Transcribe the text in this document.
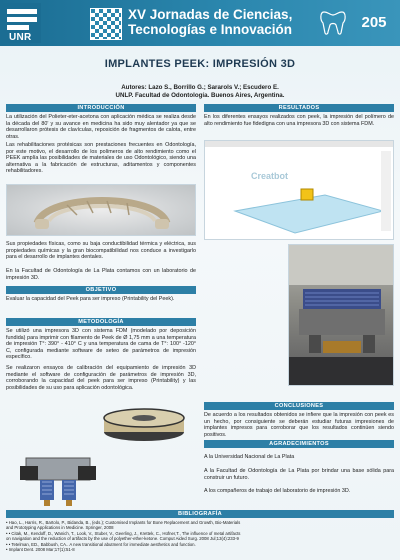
UNR
XV Jornadas de Ciencias,
Tecnologías e Innovación	205
IMPLANTES PEEK: IMPRESIÓN 3D
Autores: Lazo S., Borrillo G.; Sararols V.; Escudero E.
UNLP. Facultad de Odontología. Buenos Aires, Argentina.
INTRODUCCIÓN
La utilización del Polieter-eter-acetona con aplicación médica se realiza desde la década del 80' y su avance en medicina ha sido muy alentador ya que se desarrollaron prótesis de clavículas, reposición de fragmentos de calota, entre otras.
Las rehabilitaciones protésicas son prestaciones frecuentes en Odontología, por este motivo, el desarrollo de los polímeros de alto rendimiento como el PEEK amplía las posibilidades de materiales de uso Odontológico, siendo una alternativa a la fabricación de estructuras, aditamentos y componentes rehabilitadores.
Sus propiedades físicas, como su baja conductibilidad térmica y eléctrica, sus propiedades químicas y la gran biocompatibilidad nos conduce a investigarlo para el desarrollo de implantes dentales.
En la Facultad de Odontología de La Plata contamos con un laboratorio de impresión 3D.
OBJETIVO
Evaluar la capacidad del Peek para ser impreso (Printability del Peek).
METODOLOGÍA
Se utilizó una impresora 3D con sistema FDM (modelado por deposición fundida) para imprimir con filamento de Peek de Ø 1,75 mm a una temperatura de impresión T°: 390° - 410° C y una temperatura de cama de T°: 100° -120° C, configurada mediante software de seteo de parámetros de impresión específico.
Se realizaron ensayos de calibración del equipamiento de impresión 3D mediante el software de configuración de parámetros de impresión 3D, corroborando la capacidad del peek para ser impreso (Printability) y las posibilidades de su uso para aplicación odontológica.
RESULTADOS
En los diferentes ensayos realizados con peek, la impresión del polímero de alto rendimiento fue fidedigna con una impresora 3D con sistema FDM.
Creatbot
CONCLUSIONES
De acuerdo a los resultados obtenidos se infiere que la impresión con peek es un hecho, por consiguiente se deberán estudiar futuras impresiones de implantes impresos para corroborar que los resultados continúen siendo positivos.
AGRADECIMIENTOS
A la Universidad Nacional de La Plata
A la Facultad de Odontología de La Plata por brindar una base sólida para construir un futuro.
A los compañeros de trabajo del laboratorio de impresión 3D.
BIBLIOGRAFÍA
• Hao, L., Harris, R., Bartolo, P., Bidanda, B., (eds.); Customised Implants for Bone Replacement and Growth, Bio-Materials
and Prototyping Applications in Medicine. Springer, 2008
• • Citak, M., Kendoff, D., Wanich, T., Look, V., Stuber, V., Geerling, J., Krettek, C., Hüfner,T., The influence of metal artifacts
on navigation and the reduction of artifacts by the use of polyether-ether-ketone. Comput Aided Surg. 2008 Jul;13(4):233-9
• • Tetelman, ED., Babbush, CA.. A new transitional abutment for immediate aesthetics and function.
• Implant Dent. 2008 Mar;17(1):51-8
